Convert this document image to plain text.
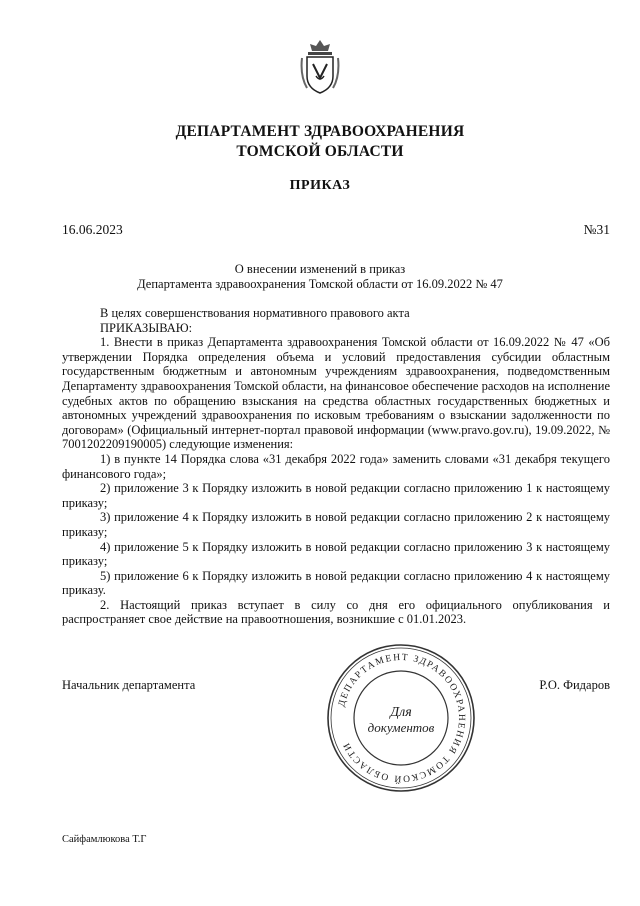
ДЕПАРТАМЕНТ ЗДРАВООХРАНЕНИЯ
ТОМСКОЙ ОБЛАСТИ
ПРИКАЗ
16.06.2023	№31
О внесении изменений в приказ
Департамента здравоохранения Томской области от 16.09.2022 № 47

В целях совершенствования нормативного правового акта

ПРИКАЗЫВАЮ:

1. Внести в приказ Департамента здравоохранения Томской области от 16.09.2022 № 47 «Об утверждении Порядка определения объема и условий предоставления субсидии областным государственным бюджетным и автономным учреждениям здравоохранения, подведомственным Департаменту здравоохранения Томской области, на финансовое обеспечение расходов на исполнение судебных актов по обращению взыскания на средства областных государственных бюджетных и автономных учреждений здравоохранения по исковым требованиям о взыскании задолженности по договорам» (Официальный интернет-портал правовой информации (www.pravo.gov.ru), 19.09.2022, № 7001202209190005) следующие изменения:

1) в пункте 14 Порядка слова «31 декабря 2022 года» заменить словами «31 декабря текущего финансового года»;

2) приложение 3 к Порядку изложить в новой редакции согласно приложению 1 к настоящему приказу;

3) приложение 4 к Порядку изложить в новой редакции согласно приложению 2 к настоящему приказу;

4) приложение 5 к Порядку изложить в новой редакции согласно приложению 3 к настоящему приказу;

5) приложение 6 к Порядку изложить в новой редакции согласно приложению 4 к настоящему приказу.

2. Настоящий приказ вступает в силу со дня его официального опубликования и распространяет свое действие на правоотношения, возникшие с 01.01.2023.

Начальник департамента	Р.О. Фидаров
ДЕПАРТАМЕНТ ЗДРАВООХРАНЕНИЯ ТОМСКОЙ ОБЛАСТИ
Для
документов
Сайфамлюкова Т.Г
